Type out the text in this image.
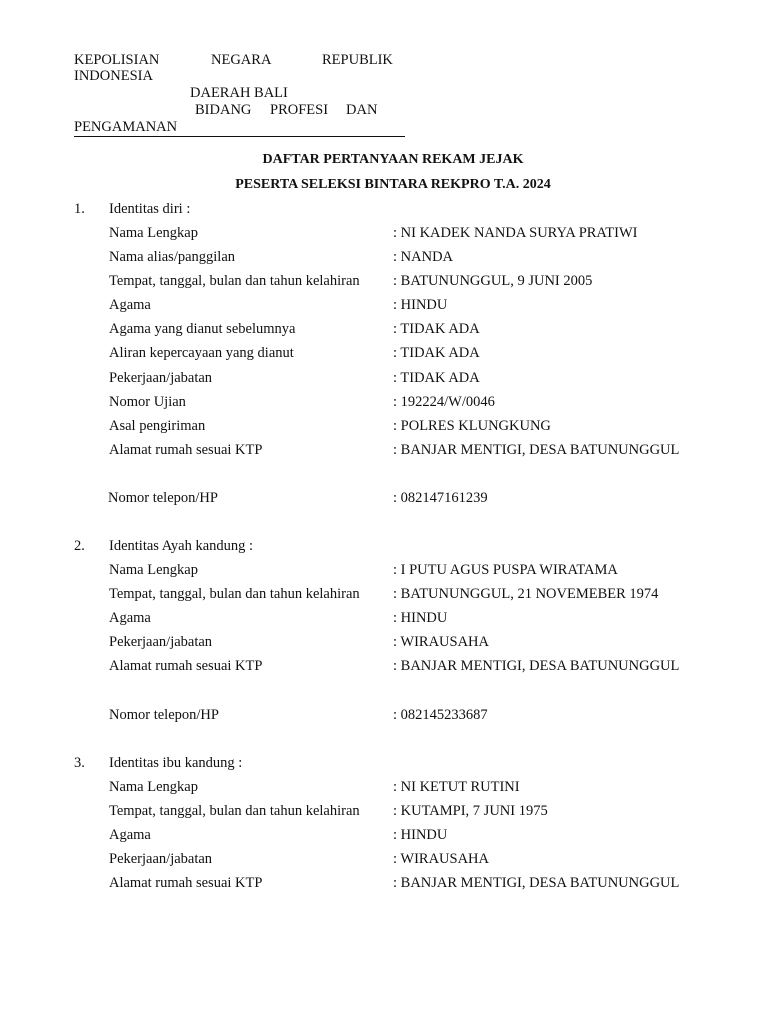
KEPOLISIAN	NEGARA	REPUBLIK
INDONESIA
DAERAH BALI
BIDANG PROFESI DAN
PENGAMANAN
DAFTAR PERTANYAAN REKAM JEJAK
PESERTA SELEKSI BINTARA REKPRO T.A. 2024
1. Identitas diri :
Nama Lengkap	: NI KADEK NANDA SURYA PRATIWI
Nama alias/panggilan	: NANDA
Tempat, tanggal, bulan dan tahun kelahiran : BATUNUNGGUL, 9 JUNI 2005
Agama	: HINDU
Agama yang dianut sebelumnya	: TIDAK ADA
Aliran kepercayaan yang dianut	: TIDAK ADA
Pekerjaan/jabatan	: TIDAK ADA
Nomor Ujian	: 192224/W/0046
Asal pengiriman	: POLRES KLUNGKUNG
Alamat rumah sesuai KTP	: BANJAR MENTIGI, DESA BATUNUNGGUL
Nomor telepon/HP	: 082147161239
2. Identitas Ayah kandung :
Nama Lengkap	: I PUTU AGUS PUSPA WIRATAMA
Tempat, tanggal, bulan dan tahun kelahiran : BATUNUNGGUL, 21 NOVEMEBER 1974
Agama	: HINDU
Pekerjaan/jabatan	: WIRAUSAHA
Alamat rumah sesuai KTP	: BANJAR MENTIGI, DESA BATUNUNGGUL
Nomor telepon/HP	: 082145233687
3. Identitas ibu kandung :
Nama Lengkap	: NI KETUT RUTINI
Tempat, tanggal, bulan dan tahun kelahiran : KUTAMPI, 7 JUNI 1975
Agama	: HINDU
Pekerjaan/jabatan	: WIRAUSAHA
Alamat rumah sesuai KTP	: BANJAR MENTIGI, DESA BATUNUNGGUL
